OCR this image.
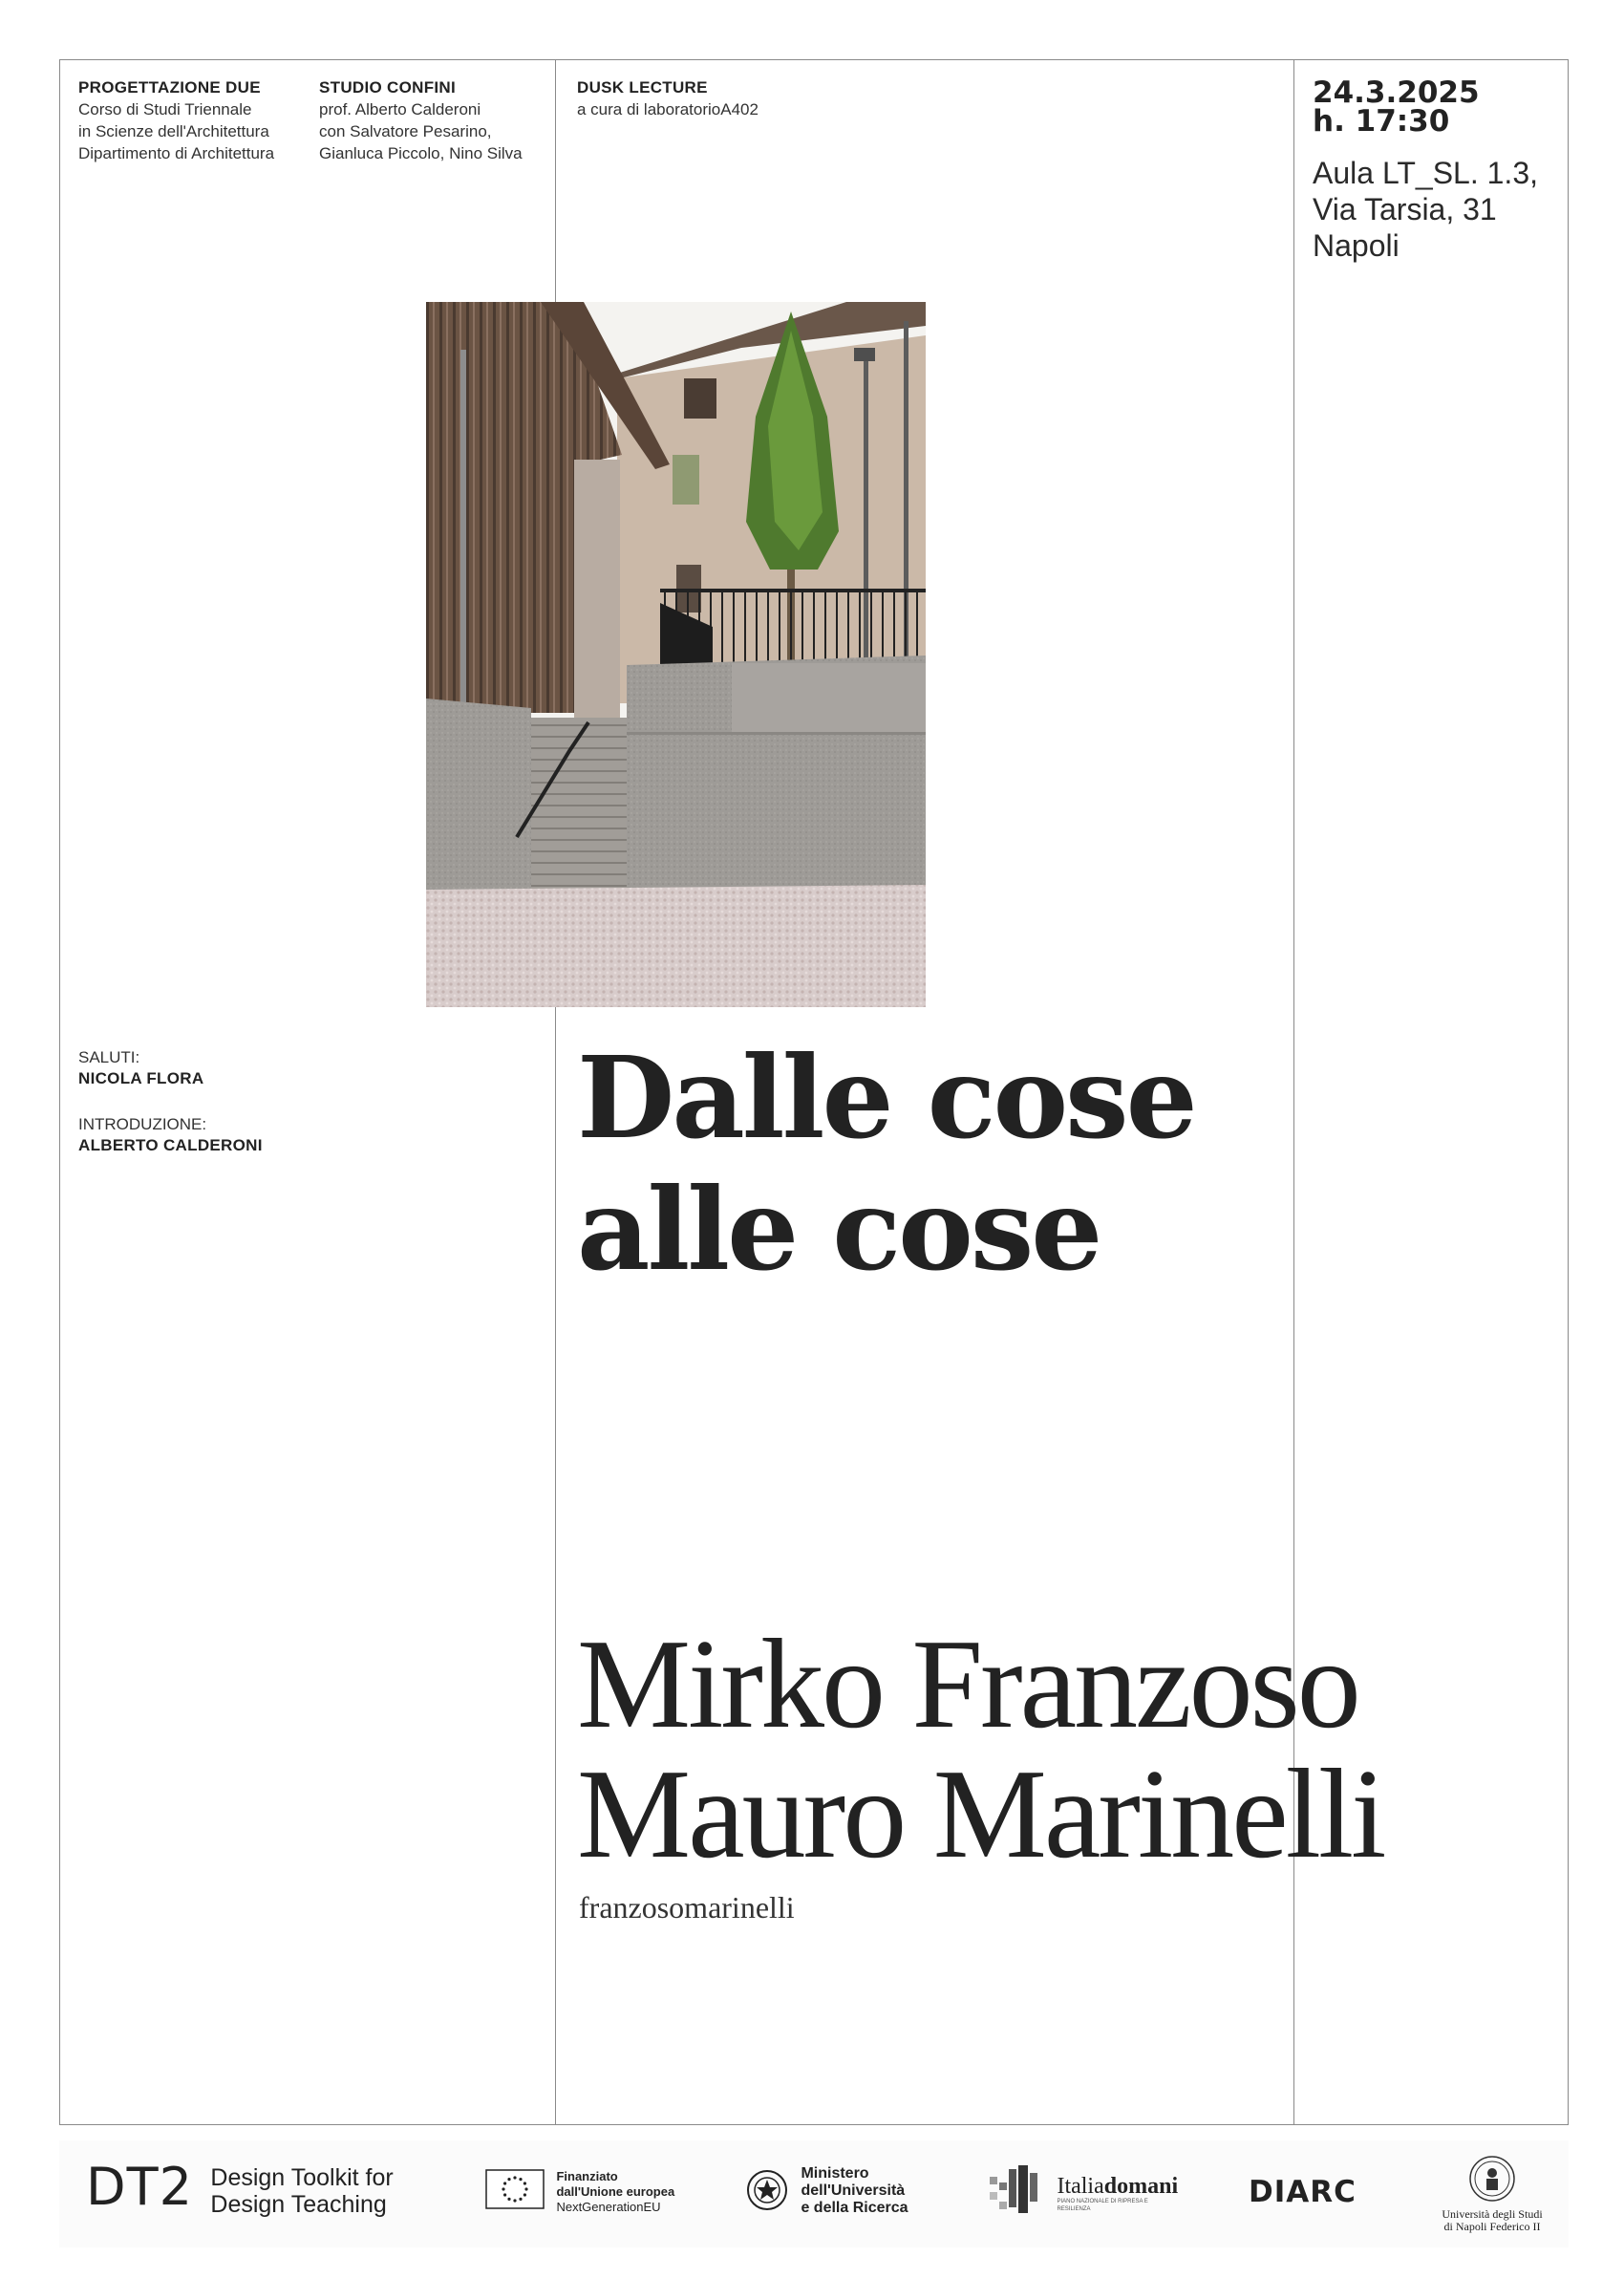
PROGETTAZIONE DUE
Corso di Studi Triennale
in Scienze dell'Architettura
Dipartimento di Architettura
STUDIO CONFINI
prof. Alberto Calderoni
con Salvatore Pesarino,
Gianluca Piccolo, Nino Silva
DUSK LECTURE
a cura di laboratorioA402	24.3.2025
h. 17:30
Aula LT_SL. 1.3,
Via Tarsia, 31
Napoli
SALUTI:
NICOLA FLORA
INTRODUZIONE:
ALBERTO CALDERONI	Dalle cose
alle cose
Mirko Franzoso
Mauro Marinelli
franzosomarinelli
DT2 Design Toolkit for
Design Teaching

Finanziato
dall'Unione europea
NextGenerationEU

Ministero
dell'Università
e della Ricerca

Italiadomani
PIANO NAZIONALE DI RIPRESA E RESILIENZA	DIARC
Università degli Studi
di Napoli Federico II
